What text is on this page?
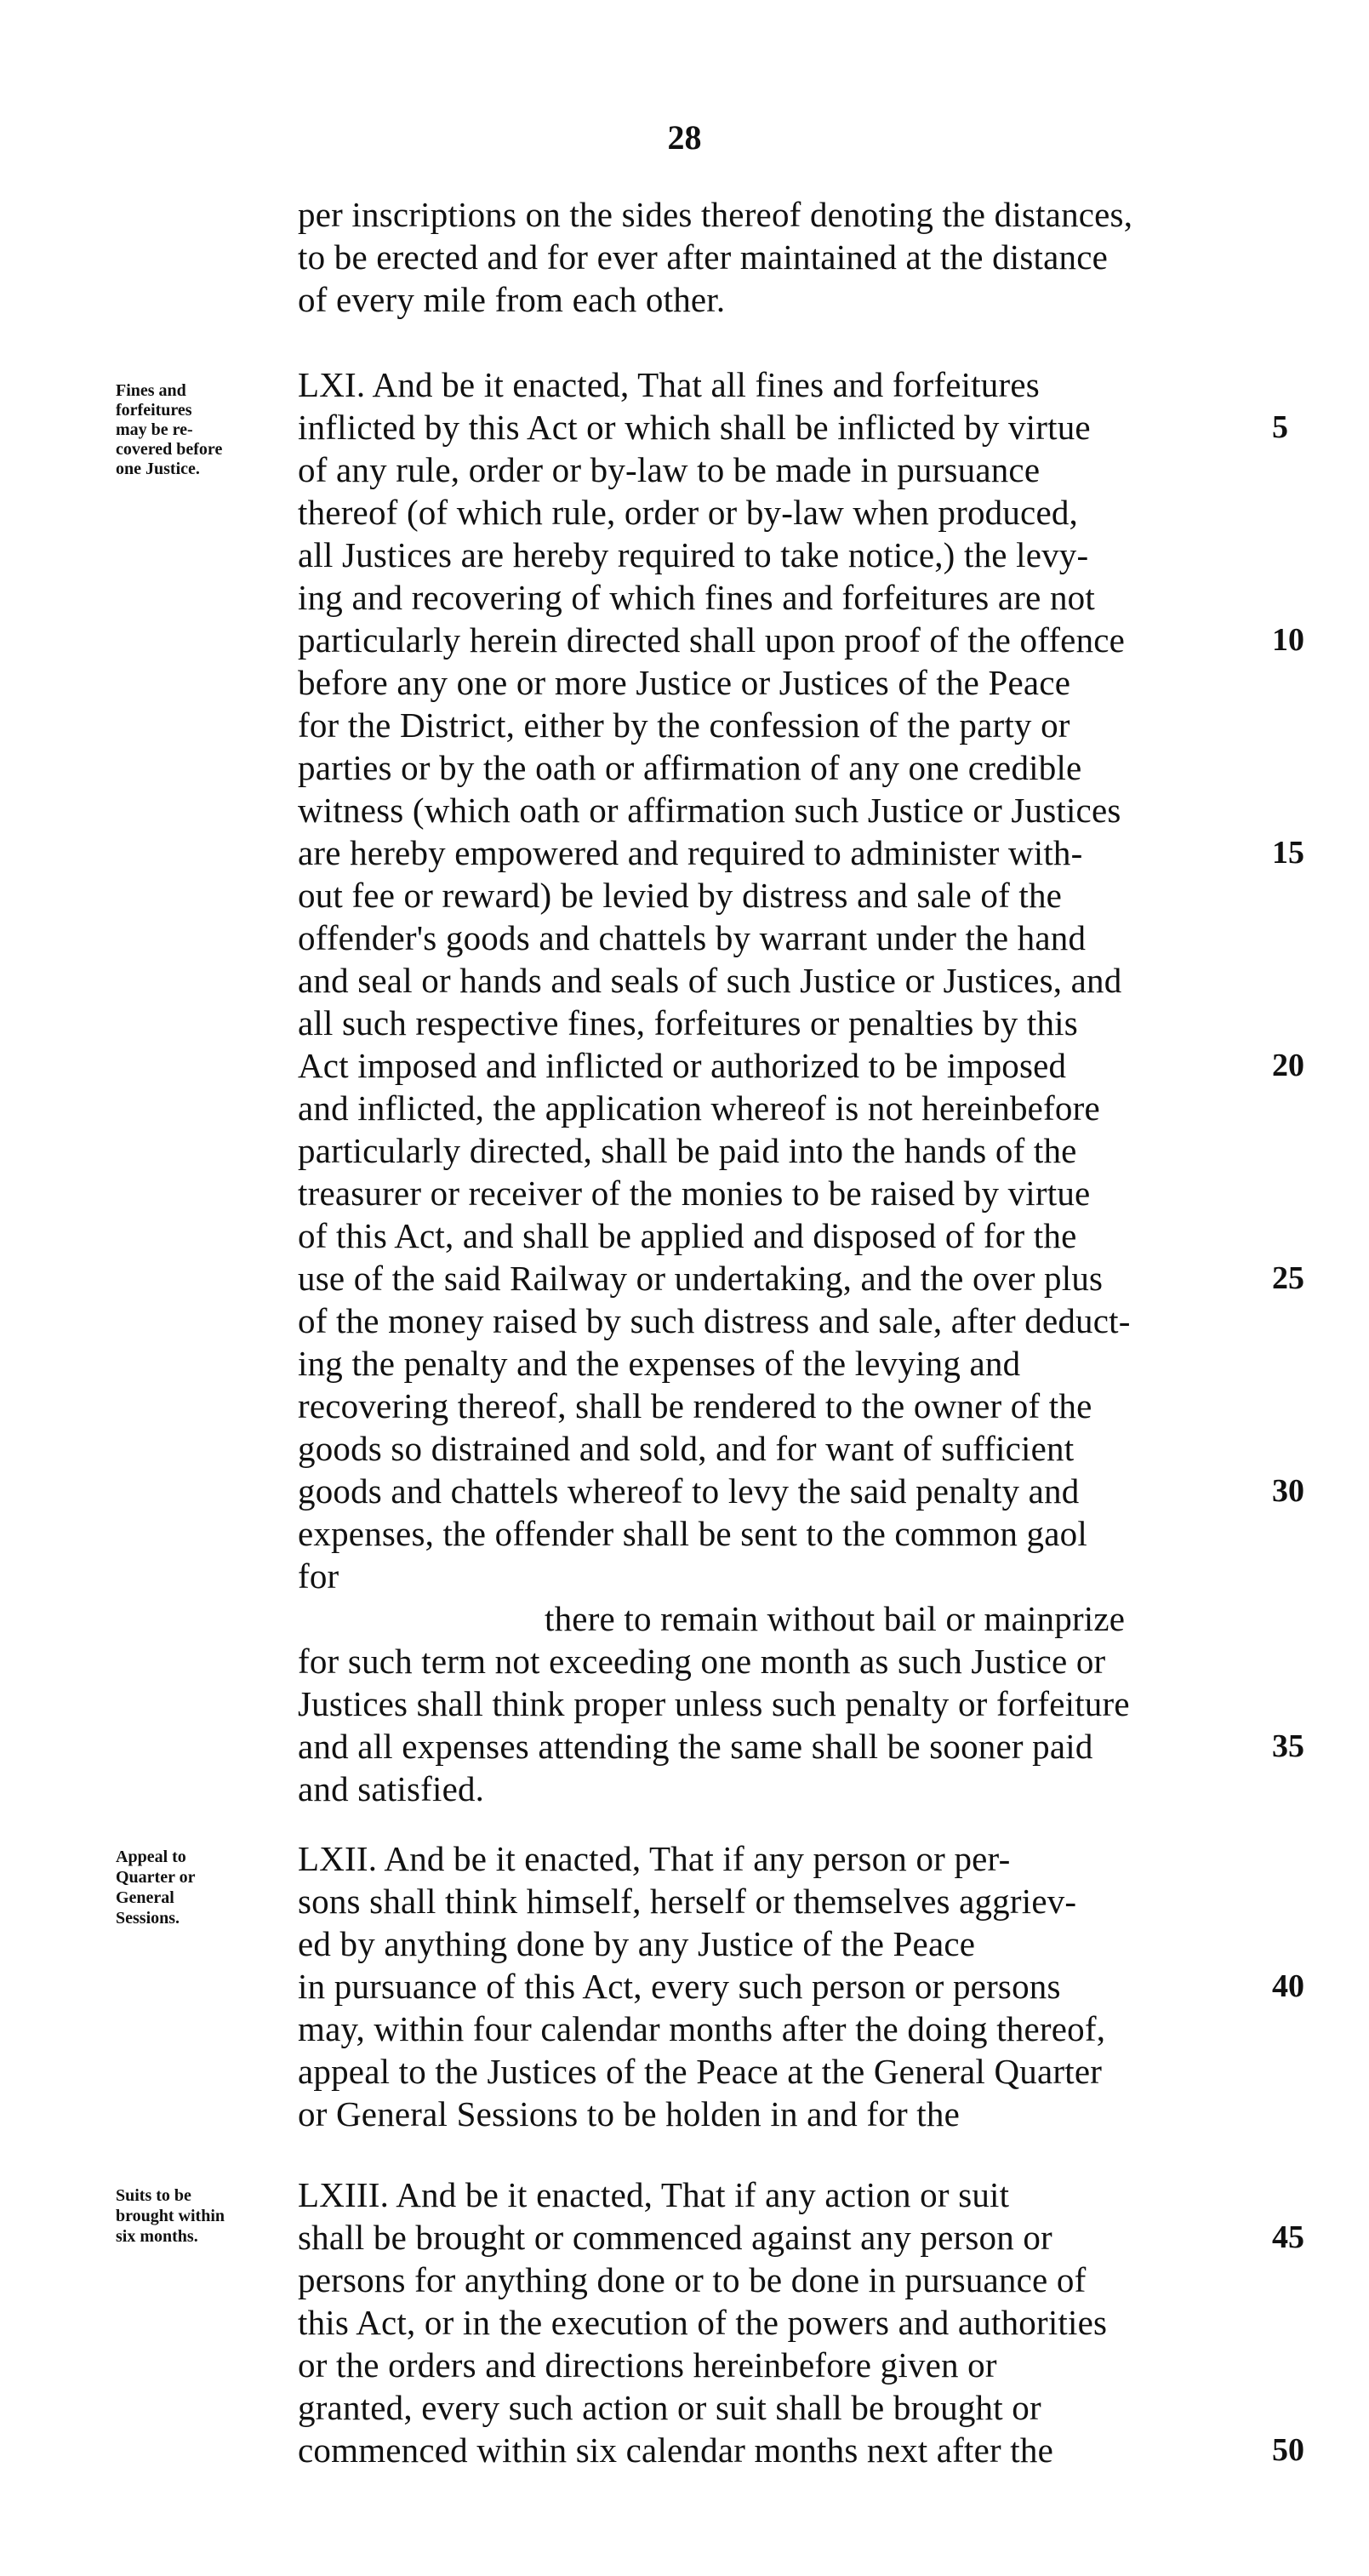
28
Fines and
forfeitures
may be re-
covered before
one Justice.
Appeal to
Quarter or
General
Sessions.
Suits to be
brought within
six months.
per inscriptions on the sides thereof denoting the distances,
to be erected and for ever after maintained at the distance
of every mile from each other.
LXI. And be it enacted, That all fines and forfeitures
inflicted by this Act or which shall be inflicted by virtue
of any rule, order or by-law to be made in pursuance
thereof (of which rule, order or by-law when produced,
all Justices are hereby required to take notice,) the levy-
ing and recovering of which fines and forfeitures are not
particularly herein directed shall upon proof of the offence
before any one or more Justice or Justices of the Peace
for the District, either by the confession of the party or
parties or by the oath or affirmation of any one credible
witness (which oath or affirmation such Justice or Justices
are hereby empowered and required to administer with-
out fee or reward) be levied by distress and sale of the
offender's goods and chattels by warrant under the hand
and seal or hands and seals of such Justice or Justices, and
all such respective fines, forfeitures or penalties by this
Act imposed and inflicted or authorized to be imposed
and inflicted, the application whereof is not hereinbefore
particularly directed, shall be paid into the hands of the
treasurer or receiver of the monies to be raised by virtue
of this Act, and shall be applied and disposed of for the
use of the said Railway or undertaking, and the over plus
of the money raised by such distress and sale, after deduct-
ing the penalty and the expenses of the levying and
recovering thereof, shall be rendered to the owner of the
goods so distrained and sold, and for want of sufficient
goods and chattels whereof to levy the said penalty and
expenses, the offender shall be sent to the common gaol
for
there to remain without bail or mainprize
for such term not exceeding one month as such Justice or
Justices shall think proper unless such penalty or forfeiture
and all expenses attending the same shall be sooner paid
and satisfied.
LXII. And be it enacted, That if any person or per-
sons shall think himself, herself or themselves aggriev-
ed by anything done by any Justice of the Peace
in pursuance of this Act, every such person or persons
may, within four calendar months after the doing thereof,
appeal to the Justices of the Peace at the General Quarter
or General Sessions to be holden in and for the
LXIII. And be it enacted, That if any action or suit
shall be brought or commenced against any person or
persons for anything done or to be done in pursuance of
this Act, or in the execution of the powers and authorities
or the orders and directions hereinbefore given or
granted, every such action or suit shall be brought or
commenced within six calendar months next after the
5
10
15
20
25
30
35
40
45
50
